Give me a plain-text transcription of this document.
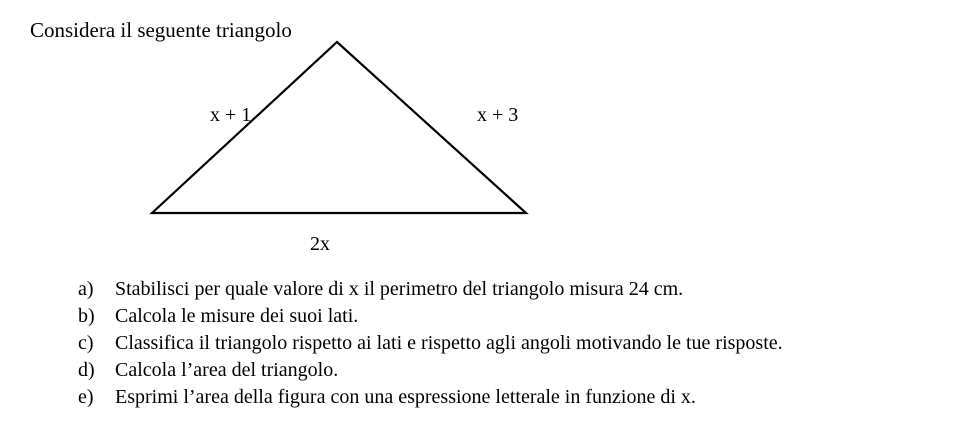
Considera il seguente triangolo
x + 1	x + 3
2x
a) Stabilisci per quale valore di x il perimetro del triangolo misura 24 cm.
b) Calcola le misure dei suoi lati.
c) Classifica il triangolo rispetto ai lati e rispetto agli angoli motivando le tue risposte.
d) Calcola l’area del triangolo.
e) Esprimi l’area della figura con una espressione letterale in funzione di x.
